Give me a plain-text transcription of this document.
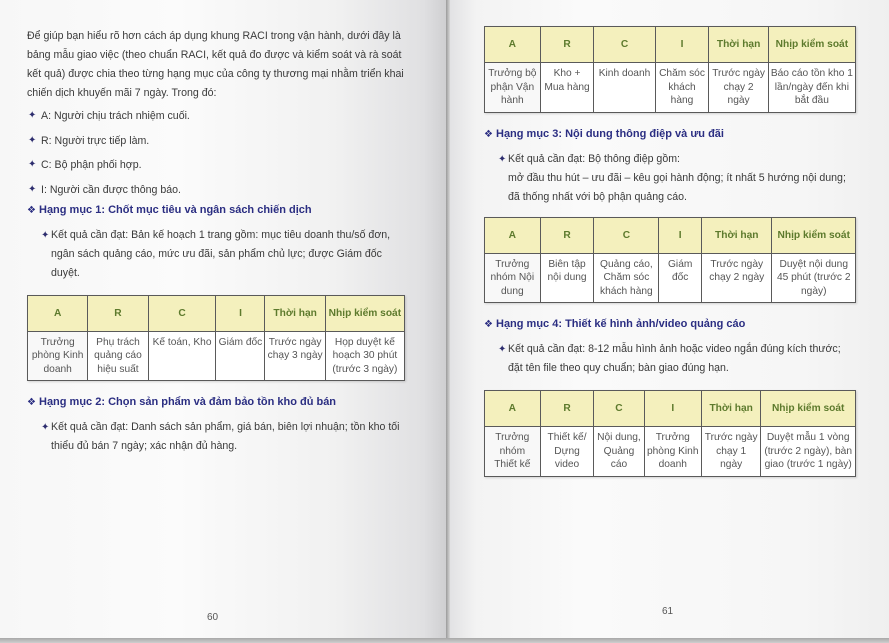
Để giúp bạn hiểu rõ hơn cách áp dụng khung RACI trong vận hành, dưới đây là bảng mẫu giao việc (theo chuẩn RACI, kết quả đo được và kiểm soát và rà soát kết quả) được chia theo từng hạng mục của công ty thương mại nhằm triển khai chiến dịch khuyến mãi 7 ngày. Trong đó:

✦ A: Người chịu trách nhiệm cuối.
✦ R: Người trực tiếp làm.
✦ C: Bộ phận phối hợp.
✦ I: Người cần được thông báo.
❖ Hạng mục 1: Chốt mục tiêu và ngân sách chiến dịch
✦ Kết quả cần đạt: Bản kế hoạch 1 trang gồm: mục tiêu doanh thu/số đơn, ngân sách quảng cáo, mức ưu đãi, sản phẩm chủ lực; được Giám đốc duyệt.
A	R	C	I	Thời hạn	Nhịp kiểm soát
Trưởng phòng Kinh doanh	Phụ trách quảng cáo hiệu suất	Kế toán, Kho	Giám đốc	Trước ngày chạy 3 ngày	Họp duyệt kế hoạch 30 phút (trước 3 ngày)
❖ Hạng mục 2: Chọn sản phẩm và đảm bảo tồn kho đủ bán
✦ Kết quả cần đạt: Danh sách sản phẩm, giá bán, biên lợi nhuận; tồn kho tối thiểu đủ bán 7 ngày; xác nhận đủ hàng.
60
A	R	C	I	Thời hạn	Nhịp kiểm soát
Trưởng bộ phận Vận hành	Kho + Mua hàng	Kinh doanh	Chăm sóc khách hàng	Trước ngày chạy 2 ngày	Báo cáo tồn kho 1 lần/ngày đến khi bắt đầu
❖ Hạng mục 3: Nội dung thông điệp và ưu đãi
✦ Kết quả cần đạt: Bộ thông điệp gồm:
mở đầu thu hút – ưu đãi – kêu gọi hành động; ít nhất 5 hướng nội dung; đã thống nhất với bộ phận quảng cáo.
A	R	C	I	Thời hạn	Nhịp kiểm soát
Trưởng nhóm Nội dung	Biên tập nội dung	Quảng cáo, Chăm sóc khách hàng	Giám đốc	Trước ngày chạy 2 ngày	Duyệt nội dung 45 phút (trước 2 ngày)
❖ Hạng mục 4: Thiết kế hình ảnh/video quảng cáo
✦ Kết quả cần đạt: 8-12 mẫu hình ảnh hoặc video ngắn đúng kích thước; đặt tên file theo quy chuẩn; bàn giao đúng hạn.
A	R	C	I	Thời hạn	Nhịp kiểm soát
Trưởng nhóm Thiết kế	Thiết kế/ Dựng video	Nội dung, Quảng cáo	Trưởng phòng Kinh doanh	Trước ngày chạy 1 ngày	Duyệt mẫu 1 vòng (trước 2 ngày), bàn giao (trước 1 ngày)
61
